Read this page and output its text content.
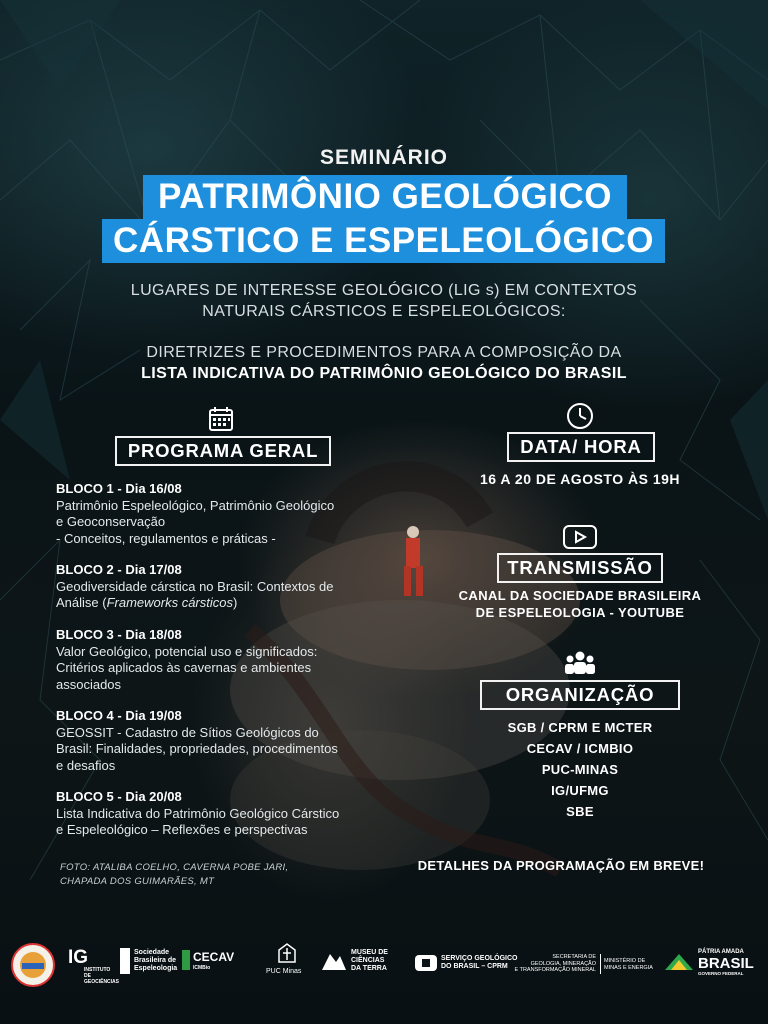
SEMINÁRIO
PATRIMÔNIO GEOLÓGICO
CÁRSTICO E ESPELEOLÓGICO
LUGARES DE INTERESSE GEOLÓGICO (LIG s) EM CONTEXTOS
NATURAIS CÁRSTICOS E ESPELEOLÓGICOS:
DIRETRIZES E PROCEDIMENTOS PARA A COMPOSIÇÃO DA
LISTA INDICATIVA DO PATRIMÔNIO GEOLÓGICO DO BRASIL
PROGRAMA GERAL
BLOCO 1 - Dia 16/08
Patrimônio Espeleológico, Patrimônio Geológico
e Geoconservação
- Conceitos, regulamentos e práticas -
BLOCO 2 - Dia 17/08
Geodiversidade cárstica no Brasil: Contextos de
Análise (Frameworks cársticos)
BLOCO 3 - Dia 18/08
Valor Geológico, potencial uso e significados:
Critérios aplicados às cavernas e ambientes
associados
BLOCO 4 - Dia 19/08
GEOSSIT - Cadastro de Sítios Geológicos do
Brasil: Finalidades, propriedades, procedimentos
e desafios
BLOCO 5 - Dia 20/08
Lista Indicativa do Patrimônio Geológico Cárstico
e Espeleológico – Reflexões e perspectivas
FOTO: ATALIBA COELHO, CAVERNA POBE JARI,
CHAPADA DOS GUIMARÃES, MT
DATA/ HORA
16 A 20 DE AGOSTO ÀS 19H
TRANSMISSÃO
CANAL DA SOCIEDADE BRASILEIRA
DE ESPELEOLOGIA - YOUTUBE
ORGANIZAÇÃO
SGB / CPRM E MCTER
CECAV / ICMBIO
PUC-MINAS
IG/UFMG
SBE
DETALHES DA PROGRAMAÇÃO EM BREVE!
IG
INSTITUTO DE GEOCIÊNCIAS
Sociedade
Brasileira de
Espeleologia
CECAV
ICMBio	PUC Minas
MUSEU DE
CIÊNCIAS
DA TERRA
SERVIÇO GEOLÓGICO
DO BRASIL – CPRM
SECRETARIA DE
GEOLOGIA, MINERAÇÃO
E TRANSFORMAÇÃO MINERAL
MINISTÉRIO DE
MINAS E ENERGIA
PÁTRIA AMADA
BRASIL
GOVERNO FEDERAL
